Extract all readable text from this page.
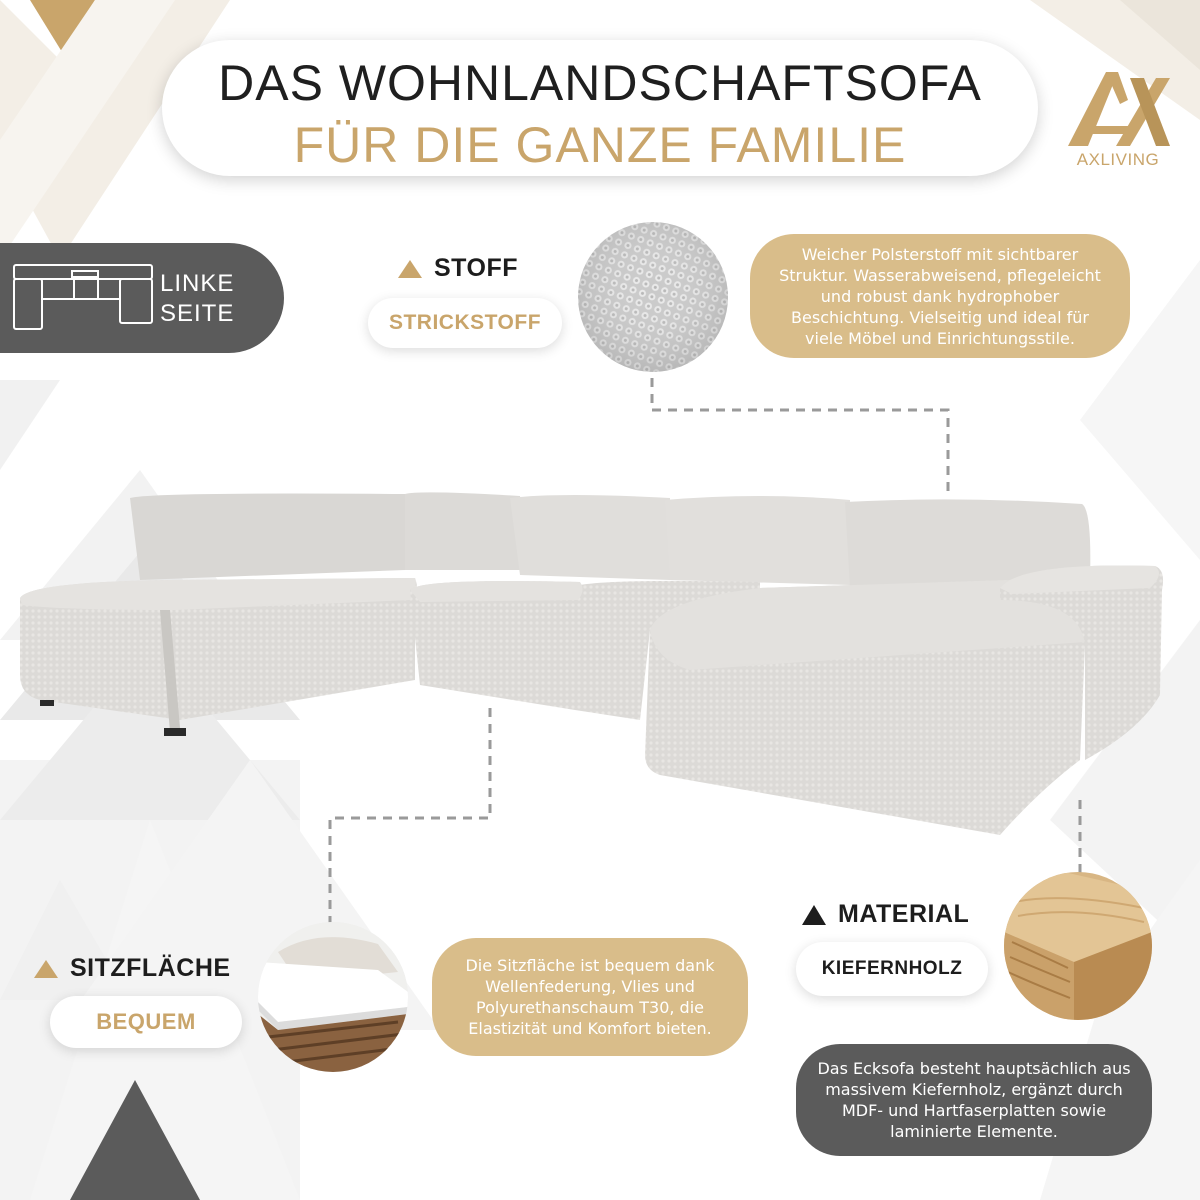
DAS WOHNLANDSCHAFTSOFA
FÜR DIE GANZE FAMILIE	AXLIVING
LINKE
SEITE
STOFF
STRICKSTOFF
Weicher Polsterstoff mit sichtbarer Struktur. Wasserabweisend, pflegeleicht und robust dank hydrophober Beschichtung. Vielseitig und ideal für viele Möbel und Einrichtungsstile.
SITZFLÄCHE
BEQUEM
Die Sitzfläche ist bequem dank Wellenfederung, Vlies und Polyurethanschaum T30, die Elastizität und Komfort bieten.
MATERIAL
KIEFERNHOLZ
Das Ecksofa besteht hauptsächlich aus massivem Kiefernholz, ergänzt durch MDF- und Hartfaserplatten sowie laminierte Elemente.
